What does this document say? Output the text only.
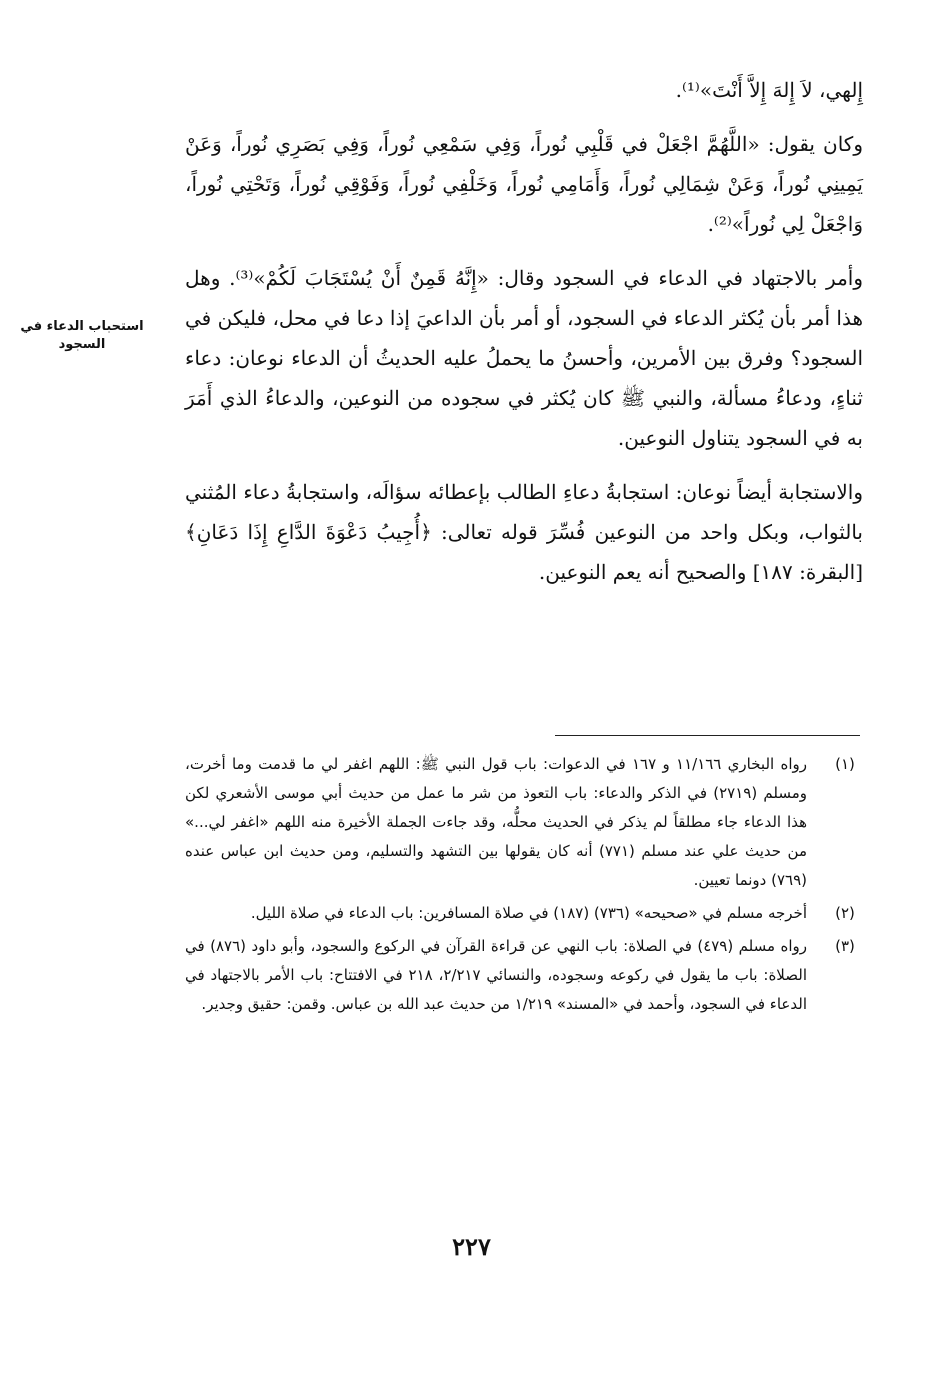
إِلهي، لاَ إِلهَ إِلاَّ أَنْتَ»⁽¹⁾.

وكان يقول: «اللَّهُمَّ اجْعَلْ في قَلْبِي نُوراً، وَفِي سَمْعِي نُوراً، وَفِي بَصَرِي نُوراً، وَعَنْ يَمِينِي نُوراً، وَعَنْ شِمَالِي نُوراً، وَأَمَامِي نُوراً، وَخَلْفِي نُوراً، وَفَوْقِي نُوراً، وَتَحْتِي نُوراً، وَاجْعَلْ لِي نُوراً»⁽²⁾.

وأمر بالاجتهاد في الدعاء في السجود وقال: «إِنَّهُ قَمِنٌ أَنْ يُسْتَجَابَ لَكُمْ»⁽³⁾. وهل هذا أمر بأن يُكثر الدعاء في السجود، أو أمر بأن الداعيَ إذا دعا في محل، فليكن في السجود؟ وفرق بين الأمرين، وأحسنُ ما يحملُ عليه الحديثُ أن الدعاء نوعان: دعاء ثناءٍ، ودعاءُ مسألة، والنبي ﷺ كان يُكثر في سجوده من النوعين، والدعاءُ الذي أَمَرَ به في السجود يتناول النوعين.

والاستجابة أيضاً نوعان: استجابةُ دعاءِ الطالب بإعطائه سؤالَه، واستجابةُ دعاء المُثني بالثواب، وبكل واحد من النوعين فُسِّرَ قوله تعالى: ﴿أُجِيبُ دَعْوَةَ الدَّاعِ إِذَا دَعَانِ﴾ [البقرة: ١٨٧] والصحيح أنه يعم النوعين.

استحباب الدعاء في السجود
(١)
رواه البخاري ١١/١٦٦ و ١٦٧ في الدعوات: باب قول النبي ﷺ: اللهم اغفر لي ما قدمت وما أخرت، ومسلم (٢٧١٩) في الذكر والدعاء: باب التعوذ من شر ما عمل من حديث أبي موسى الأشعري لكن هذا الدعاء جاء مطلقاً لم يذكر في الحديث محلُّه، وقد جاءت الجملة الأخيرة منه اللهم «اغفر لي...» من حديث علي عند مسلم (٧٧١) أنه كان يقولها بين التشهد والتسليم، ومن حديث ابن عباس عنده (٧٦٩) دونما تعيين.
(٢)
أخرجه مسلم في «صحيحه» (٧٣٦) (١٨٧) في صلاة المسافرين: باب الدعاء في صلاة الليل.
(٣)
رواه مسلم (٤٧٩) في الصلاة: باب النهي عن قراءة القرآن في الركوع والسجود، وأبو داود (٨٧٦) في الصلاة: باب ما يقول في ركوعه وسجوده، والنسائي ٢/٢١٧، ٢١٨ في الافتتاح: باب الأمر بالاجتهاد في الدعاء في السجود، وأحمد في «المسند» ١/٢١٩ من حديث عبد الله بن عباس. وقمن: حقيق وجدير.
٢٢٧
